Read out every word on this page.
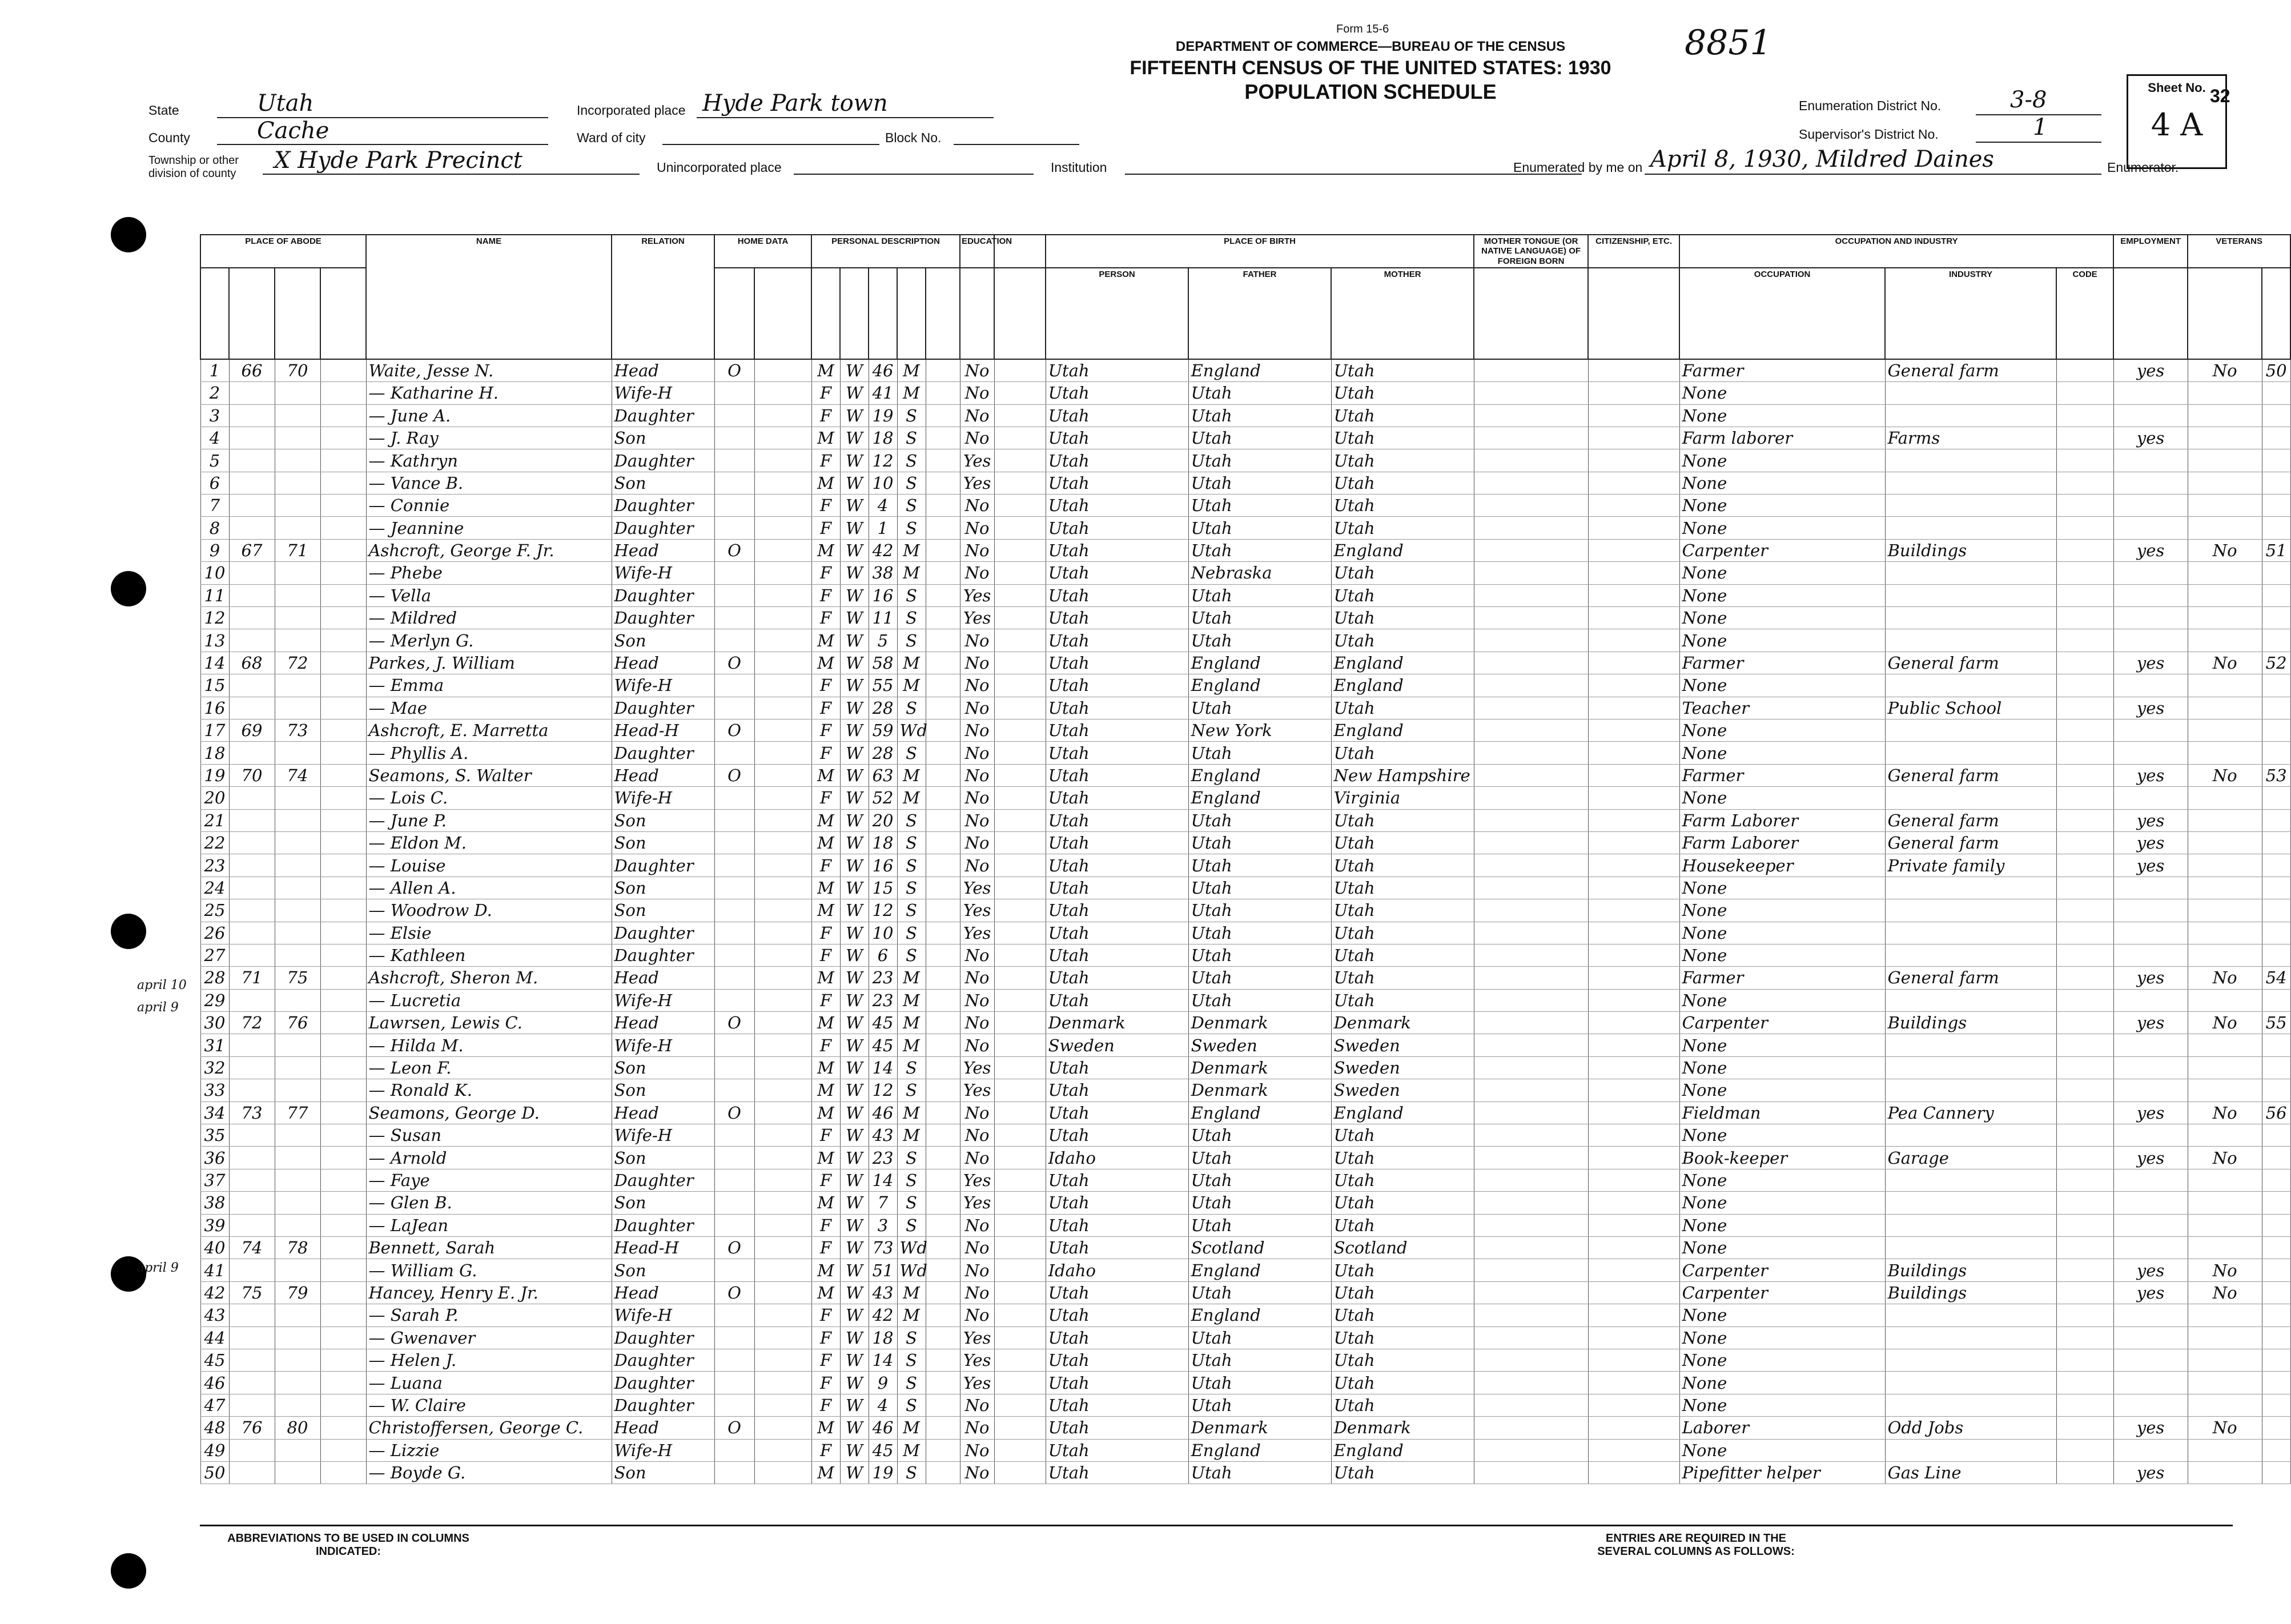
Form 15-6
DEPARTMENT OF COMMERCE—BUREAU OF THE CENSUS
FIFTEENTH CENSUS OF THE UNITED STATES: 1930
POPULATION SCHEDULE
8851
32
State	Utah
County	Cache
Township or other division of county	X Hyde Park Precinct
Incorporated place Hyde Park town
Ward of city	Block No.
Unincorporated place	Institution
Enumeration District No.	3-8
Supervisor's District No.	1
Enumerated by me on April 8, 1930, Mildred Daines	Enumerator.
Sheet No.
4 A
PLACE OF ABODE				NAME	RELATION	HOME DATA		PERSONAL DESCRIPTION					EDUCATION		PLACE OF BIRTH			MOTHER TONGUE (OR NATIVE LANGUAGE) OF FOREIGN BORN	CITIZENSHIP, ETC.	OCCUPATION AND INDUSTRY			EMPLOYMENT	VETERANS	
															PERSON	FATHER	MOTHER			OCCUPATION	INDUSTRY	CODE			
1	66	70		Waite, Jesse N.	Head	O		M	W	46	M		No		Utah	England	Utah			Farmer	General farm		yes	No	50
2				— Katharine H.	Wife-H			F	W	41	M		No		Utah	Utah	Utah			None					
3				— June A.	Daughter			F	W	19	S		No		Utah	Utah	Utah			None					
4				— J. Ray	Son			M	W	18	S		No		Utah	Utah	Utah			Farm laborer	Farms		yes		
5				— Kathryn	Daughter			F	W	12	S		Yes		Utah	Utah	Utah			None					
6				— Vance B.	Son			M	W	10	S		Yes		Utah	Utah	Utah			None					
7				— Connie	Daughter			F	W	4	S		No		Utah	Utah	Utah			None					
8				— Jeannine	Daughter			F	W	1	S		No		Utah	Utah	Utah			None					
9	67	71		Ashcroft, George F. Jr.	Head	O		M	W	42	M		No		Utah	Utah	England			Carpenter	Buildings		yes	No	51
10				— Phebe	Wife-H			F	W	38	M		No		Utah	Nebraska	Utah			None					
11				— Vella	Daughter			F	W	16	S		Yes		Utah	Utah	Utah			None					
12				— Mildred	Daughter			F	W	11	S		Yes		Utah	Utah	Utah			None					
13				— Merlyn G.	Son			M	W	5	S		No		Utah	Utah	Utah			None					
14	68	72		Parkes, J. William	Head	O		M	W	58	M		No		Utah	England	England			Farmer	General farm		yes	No	52
15				— Emma	Wife-H			F	W	55	M		No		Utah	England	England			None					
16				— Mae	Daughter			F	W	28	S		No		Utah	Utah	Utah			Teacher	Public School		yes		
17	69	73		Ashcroft, E. Marretta	Head-H	O		F	W	59	Wd		No		Utah	New York	England			None					
18				— Phyllis A.	Daughter			F	W	28	S		No		Utah	Utah	Utah			None					
19	70	74		Seamons, S. Walter	Head	O		M	W	63	M		No		Utah	England	New Hampshire			Farmer	General farm		yes	No	53
20				— Lois C.	Wife-H			F	W	52	M		No		Utah	England	Virginia			None					
21				— June P.	Son			M	W	20	S		No		Utah	Utah	Utah			Farm Laborer	General farm		yes		
22				— Eldon M.	Son			M	W	18	S		No		Utah	Utah	Utah			Farm Laborer	General farm		yes		
23				— Louise	Daughter			F	W	16	S		No		Utah	Utah	Utah			Housekeeper	Private family		yes		
24				— Allen A.	Son			M	W	15	S		Yes		Utah	Utah	Utah			None					
25				— Woodrow D.	Son			M	W	12	S		Yes		Utah	Utah	Utah			None					
26				— Elsie	Daughter			F	W	10	S		Yes		Utah	Utah	Utah			None					
27				— Kathleen	Daughter			F	W	6	S		No		Utah	Utah	Utah			None					
28	71	75		Ashcroft, Sheron M.	Head			M	W	23	M		No		Utah	Utah	Utah			Farmer	General farm		yes	No	54
29				— Lucretia	Wife-H			F	W	23	M		No		Utah	Utah	Utah			None					
30	72	76		Lawrsen, Lewis C.	Head	O		M	W	45	M		No		Denmark	Denmark	Denmark			Carpenter	Buildings		yes	No	55
31				— Hilda M.	Wife-H			F	W	45	M		No		Sweden	Sweden	Sweden			None					
32				— Leon F.	Son			M	W	14	S		Yes		Utah	Denmark	Sweden			None					
33				— Ronald K.	Son			M	W	12	S		Yes		Utah	Denmark	Sweden			None					
34	73	77		Seamons, George D.	Head	O		M	W	46	M		No		Utah	England	England			Fieldman	Pea Cannery		yes	No	56
35				— Susan	Wife-H			F	W	43	M		No		Utah	Utah	Utah			None					
36				— Arnold	Son			M	W	23	S		No		Idaho	Utah	Utah			Book-keeper	Garage		yes	No	
37				— Faye	Daughter			F	W	14	S		Yes		Utah	Utah	Utah			None					
38				— Glen B.	Son			M	W	7	S		Yes		Utah	Utah	Utah			None					
39				— LaJean	Daughter			F	W	3	S		No		Utah	Utah	Utah			None					
40	74	78		Bennett, Sarah	Head-H	O		F	W	73	Wd		No		Utah	Scotland	Scotland			None					
41				— William G.	Son			M	W	51	Wd		No		Idaho	England	Utah			Carpenter	Buildings		yes	No	
42	75	79		Hancey, Henry E. Jr.	Head	O		M	W	43	M		No		Utah	Utah	Utah			Carpenter	Buildings		yes	No	
43				— Sarah P.	Wife-H			F	W	42	M		No		Utah	England	Utah			None					
44				— Gwenaver	Daughter			F	W	18	S		Yes		Utah	Utah	Utah			None					
45				— Helen J.	Daughter			F	W	14	S		Yes		Utah	Utah	Utah			None					
46				— Luana	Daughter			F	W	9	S		Yes		Utah	Utah	Utah			None					
47				— W. Claire	Daughter			F	W	4	S		No		Utah	Utah	Utah			None					
48	76	80		Christoffersen, George C.	Head	O		M	W	46	M		No		Utah	Denmark	Denmark			Laborer	Odd Jobs		yes	No	
49				— Lizzie	Wife-H			F	W	45	M		No		Utah	England	England			None					
50				— Boyde G.	Son			M	W	19	S		No		Utah	Utah	Utah			Pipefitter helper	Gas Line		yes		
april 10
april 9
april 9
ABBREVIATIONS TO BE USED IN COLUMNS INDICATED:
ENTRIES ARE REQUIRED IN THE SEVERAL COLUMNS AS FOLLOWS:
